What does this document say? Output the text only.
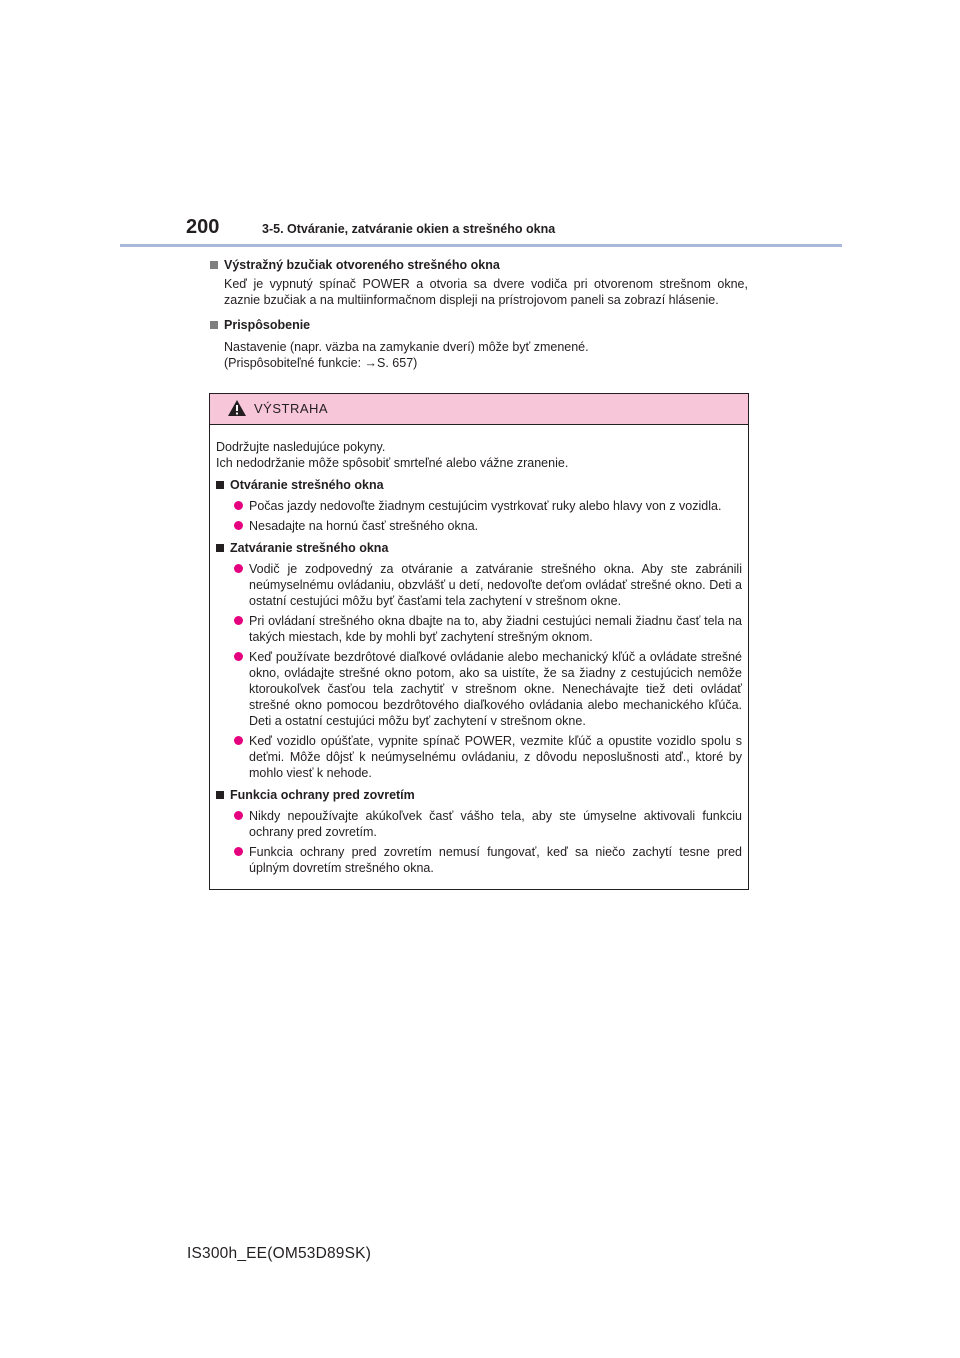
200	3-5. Otváranie, zatváranie okien a strešného okna
Výstražný bzučiak otvoreného strešného okna

Keď je vypnutý spínač POWER a otvoria sa dvere vodiča pri otvorenom strešnom okne, zaznie bzučiak a na multiinformačnom displeji na prístrojovom paneli sa zobrazí hlásenie.

Prispôsobenie

Nastavenie (napr. väzba na zamykanie dverí) môže byť zmenené.
(Prispôsobiteľné funkcie: →S. 657)

VÝSTRAHA

Dodržujte nasledujúce pokyny.
Ich nedodržanie môže spôsobiť smrteľné alebo vážne zranenie.

Otváranie strešného okna
Počas jazdy nedovoľte žiadnym cestujúcim vystrkovať ruky alebo hlavy von z vozidla.
Nesadajte na hornú časť strešného okna.
Zatváranie strešného okna
Vodič je zodpovedný za otváranie a zatváranie strešného okna. Aby ste zabránili neúmyselnému ovládaniu, obzvlášť u detí, nedovoľte deťom ovládať strešné okno. Deti a ostatní cestujúci môžu byť časťami tela zachytení v strešnom okne.
Pri ovládaní strešného okna dbajte na to, aby žiadni cestujúci nemali žiadnu časť tela na takých miestach, kde by mohli byť zachytení strešným oknom.
Keď používate bezdrôtové diaľkové ovládanie alebo mechanický kľúč a ovládate strešné okno, ovládajte strešné okno potom, ako sa uistíte, že sa žiadny z cestujúcich nemôže ktoroukoľvek časťou tela zachytiť v strešnom okne. Nenechávajte tiež deti ovládať strešné okno pomocou bezdrôtového diaľkového ovládania alebo mechanického kľúča. Deti a ostatní cestujúci môžu byť zachytení v strešnom okne.
Keď vozidlo opúšťate, vypnite spínač POWER, vezmite kľúč a opustite vozidlo spolu s deťmi. Môže dôjsť k neúmyselnému ovládaniu, z dôvodu neposlušnosti atď., ktoré by mohlo viesť k nehode.
Funkcia ochrany pred zovretím
Nikdy nepoužívajte akúkoľvek časť vášho tela, aby ste úmyselne aktivovali funkciu ochrany pred zovretím.
Funkcia ochrany pred zovretím nemusí fungovať, keď sa niečo zachytí tesne pred úplným dovretím strešného okna.
IS300h_EE(OM53D89SK)
